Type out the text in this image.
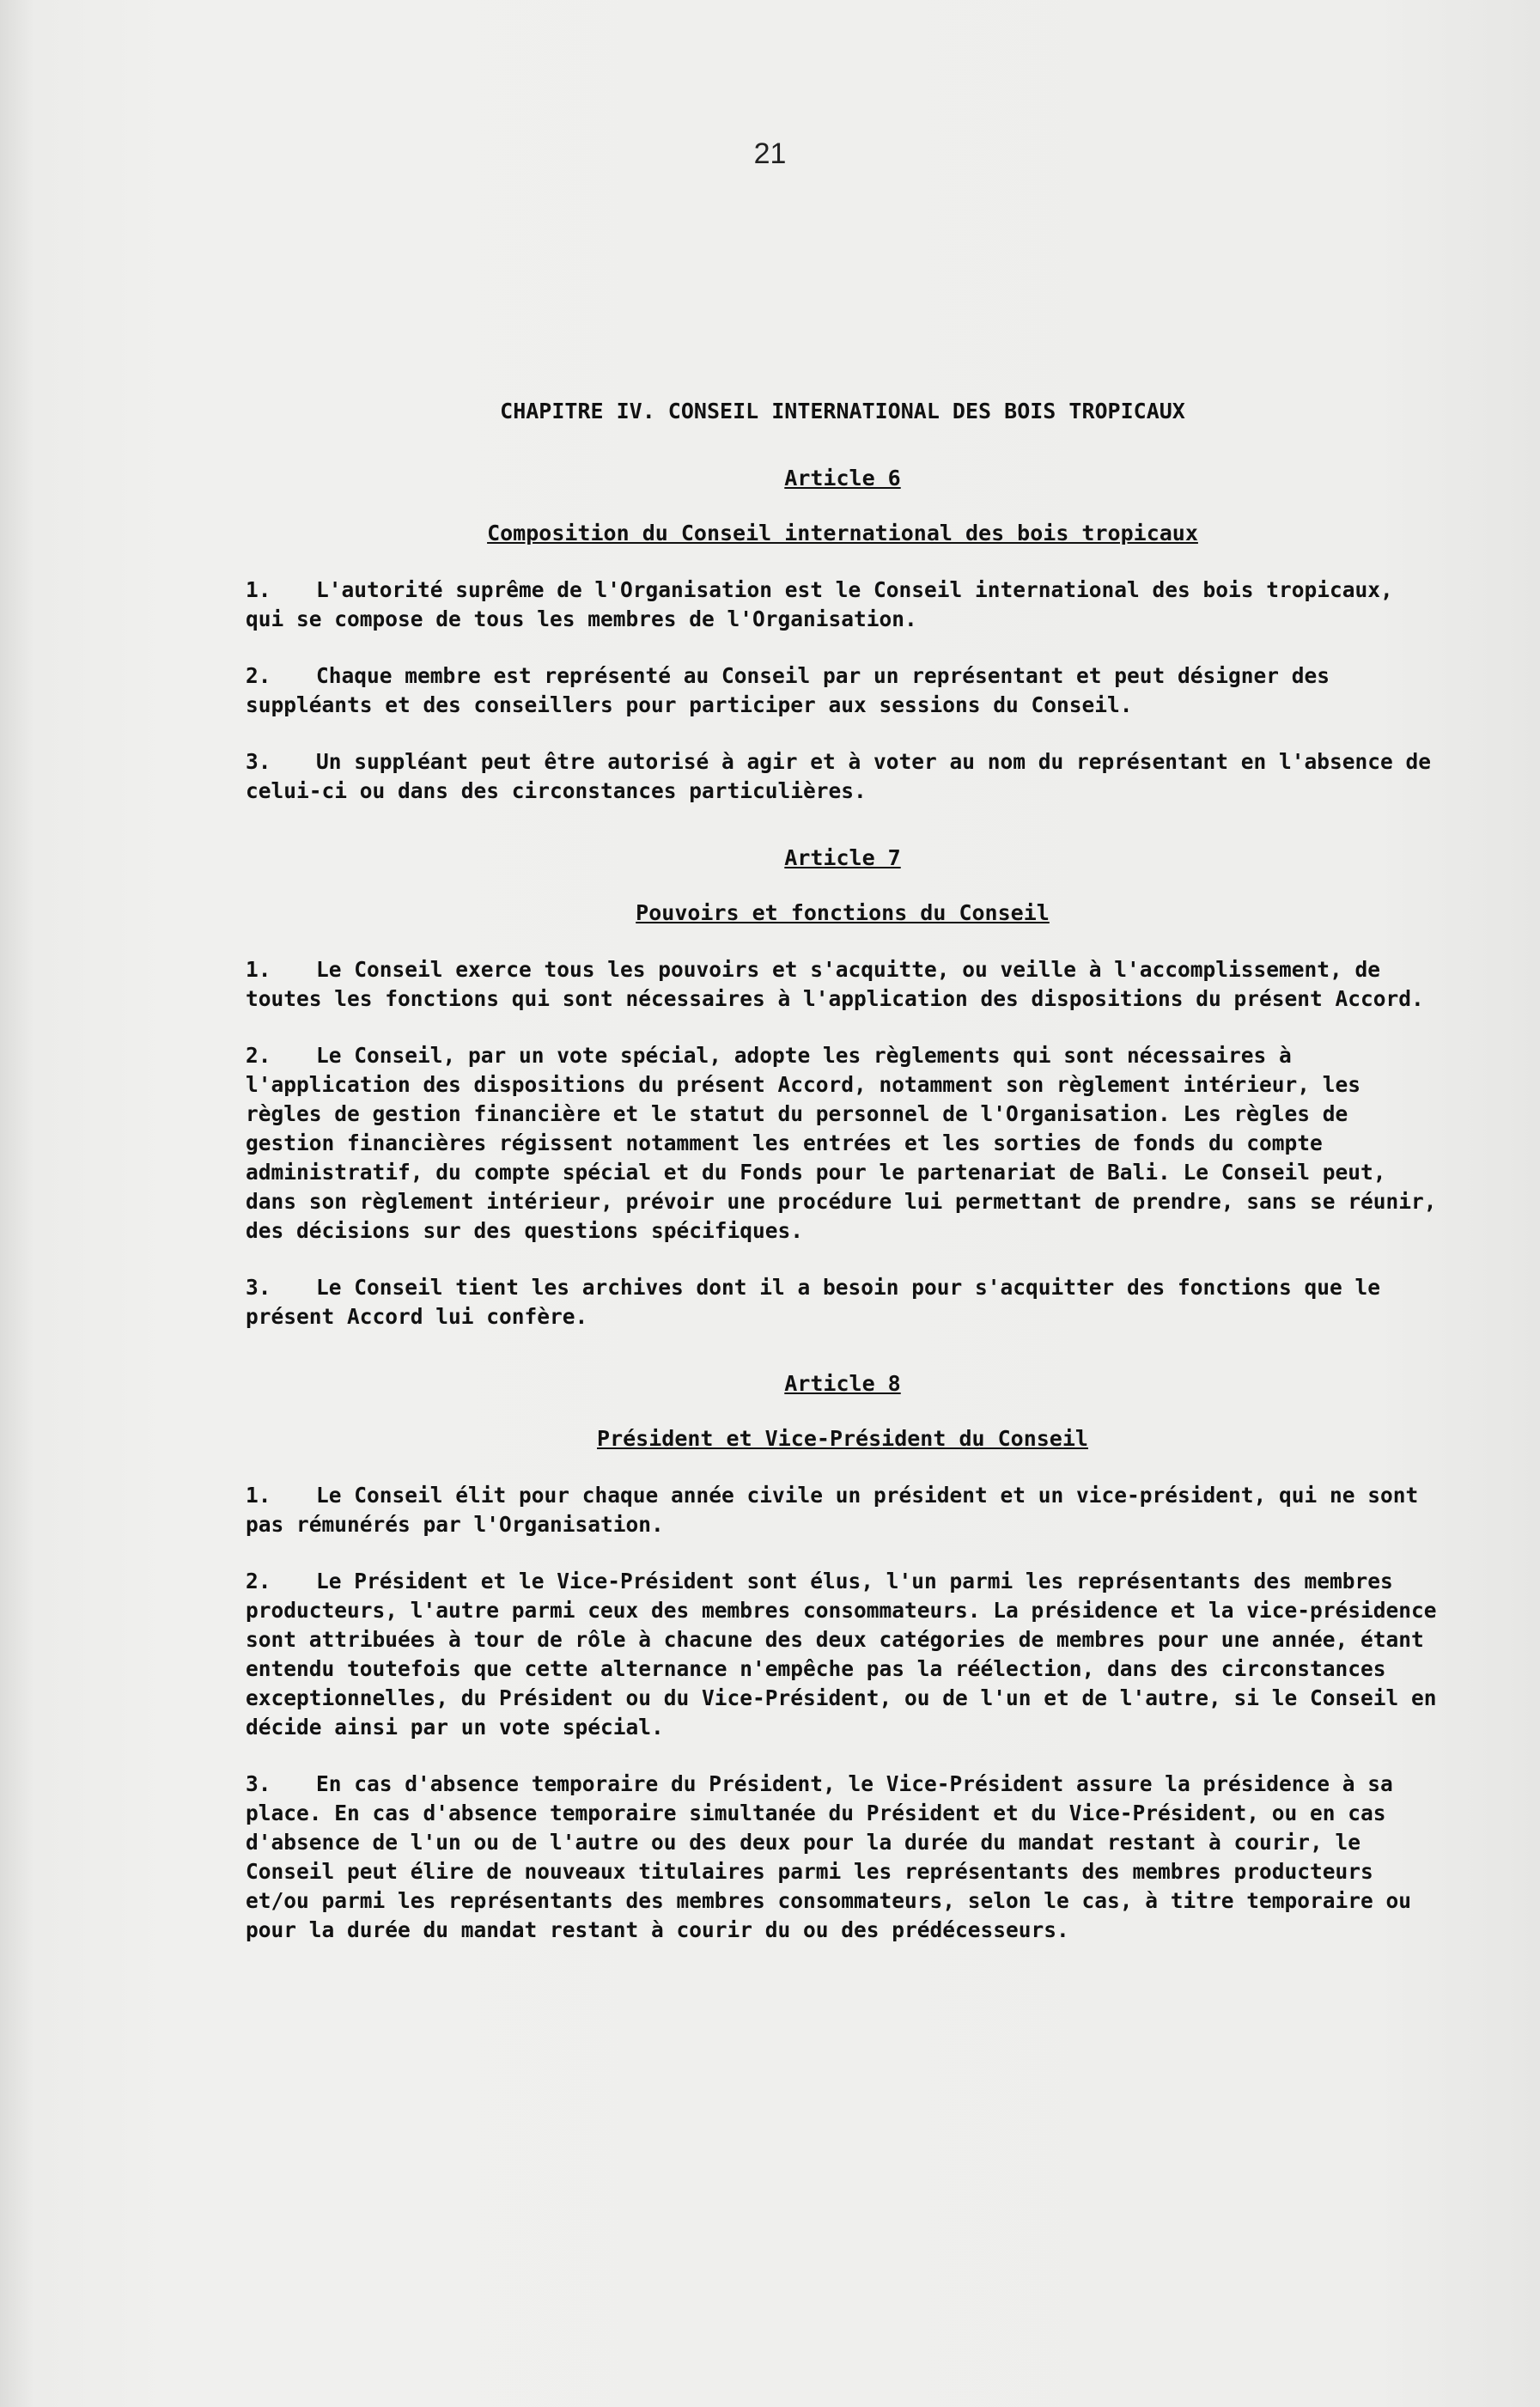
21
CHAPITRE IV. CONSEIL INTERNATIONAL DES BOIS TROPICAUX
Article 6
Composition du Conseil international des bois tropicaux
1. L'autorité suprême de l'Organisation est le Conseil international des bois tropicaux, qui se compose de tous les membres de l'Organisation.
2. Chaque membre est représenté au Conseil par un représentant et peut désigner des suppléants et des conseillers pour participer aux sessions du Conseil.
3. Un suppléant peut être autorisé à agir et à voter au nom du représentant en l'absence de celui-ci ou dans des circonstances particulières.
Article 7
Pouvoirs et fonctions du Conseil
1. Le Conseil exerce tous les pouvoirs et s'acquitte, ou veille à l'accomplissement, de toutes les fonctions qui sont nécessaires à l'application des dispositions du présent Accord.
2. Le Conseil, par un vote spécial, adopte les règlements qui sont nécessaires à l'application des dispositions du présent Accord, notamment son règlement intérieur, les règles de gestion financière et le statut du personnel de l'Organisation. Les règles de gestion financières régissent notamment les entrées et les sorties de fonds du compte administratif, du compte spécial et du Fonds pour le partenariat de Bali. Le Conseil peut, dans son règlement intérieur, prévoir une procédure lui permettant de prendre, sans se réunir, des décisions sur des questions spécifiques.
3. Le Conseil tient les archives dont il a besoin pour s'acquitter des fonctions que le présent Accord lui confère.
Article 8
Président et Vice-Président du Conseil
1. Le Conseil élit pour chaque année civile un président et un vice-président, qui ne sont pas rémunérés par l'Organisation.
2. Le Président et le Vice-Président sont élus, l'un parmi les représentants des membres producteurs, l'autre parmi ceux des membres consommateurs. La présidence et la vice-présidence sont attribuées à tour de rôle à chacune des deux catégories de membres pour une année, étant entendu toutefois que cette alternance n'empêche pas la réélection, dans des circonstances exceptionnelles, du Président ou du Vice-Président, ou de l'un et de l'autre, si le Conseil en décide ainsi par un vote spécial.
3. En cas d'absence temporaire du Président, le Vice-Président assure la présidence à sa place. En cas d'absence temporaire simultanée du Président et du Vice-Président, ou en cas d'absence de l'un ou de l'autre ou des deux pour la durée du mandat restant à courir, le Conseil peut élire de nouveaux titulaires parmi les représentants des membres producteurs et/ou parmi les représentants des membres consommateurs, selon le cas, à titre temporaire ou pour la durée du mandat restant à courir du ou des prédécesseurs.
